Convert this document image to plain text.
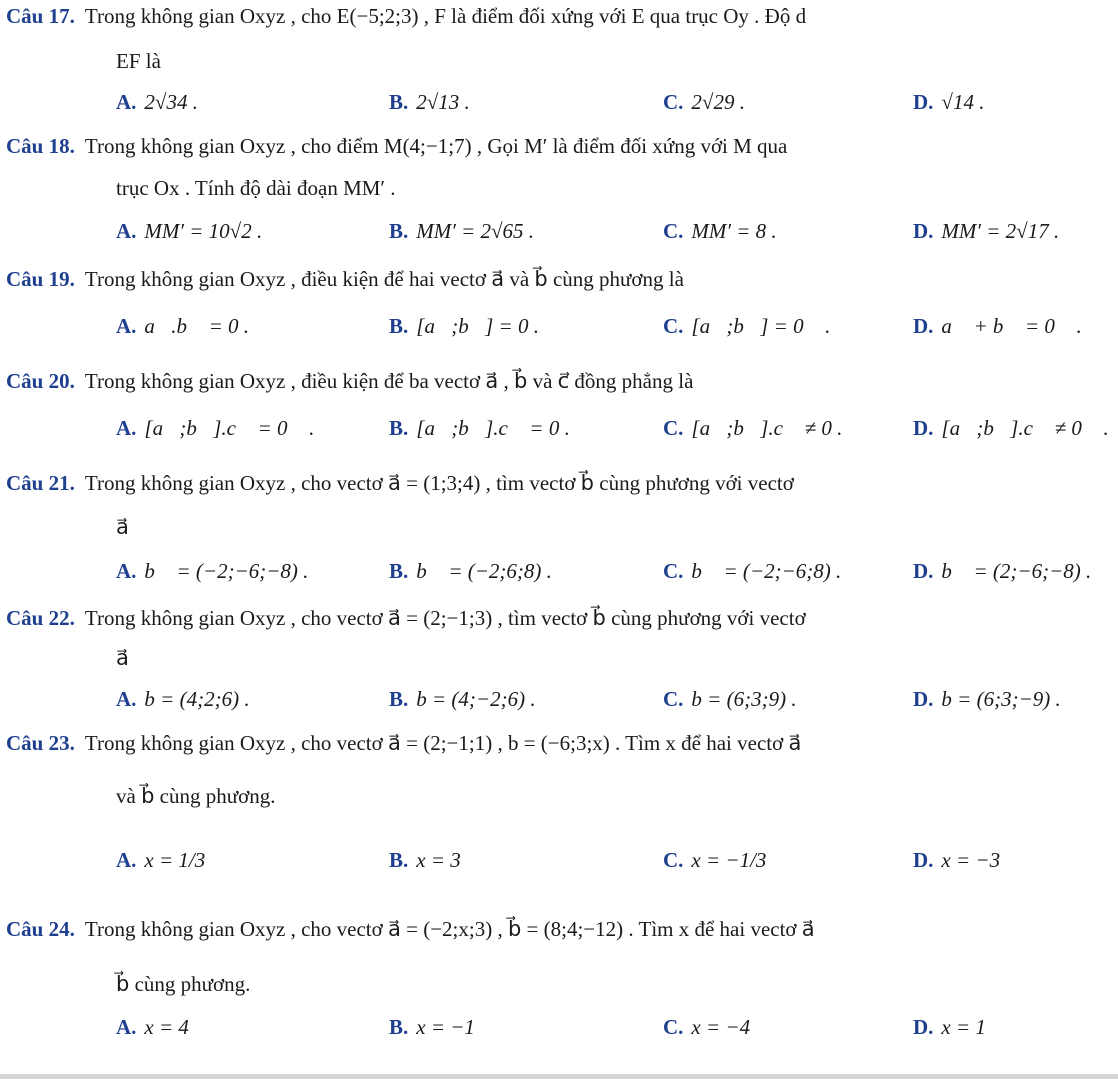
Câu 17. Trong không gian Oxyz , cho E(−5;2;3) , F là điểm đối xứng với E qua trục Oy . Độ d
EF là
A. 2√34 .	B. 2√13 .	C. 2√29 .	D. √14 .
Câu 18. Trong không gian Oxyz , cho điểm M(4;−1;7) , Gọi M′ là điểm đối xứng với M qua
trục Ox . Tính độ dài đoạn MM′ .
A. MM′ = 10√2 .	B. MM′ = 2√65 .	C. MM′ = 8 .	D. MM′ = 2√17 .
Câu 19. Trong không gian Oxyz , điều kiện để hai vectơ a⃗ và b⃗ cùng phương là
A. a⃗.b⃗ = 0 .	B. [a⃗;b⃗] = 0 .	C. [a⃗;b⃗] = 0⃗ .	D. a⃗ + b⃗ = 0⃗ .
Câu 20. Trong không gian Oxyz , điều kiện để ba vectơ a⃗ , b⃗ và c⃗ đồng phẳng là
A. [a⃗;b⃗].c⃗ = 0⃗ .	B. [a⃗;b⃗].c⃗ = 0 .	C. [a⃗;b⃗].c⃗ ≠ 0 .	D. [a⃗;b⃗].c⃗ ≠ 0⃗ .
Câu 21. Trong không gian Oxyz , cho vectơ a⃗ = (1;3;4) , tìm vectơ b⃗ cùng phương với vectơ
a⃗
A. b⃗ = (−2;−6;−8) .	B. b⃗ = (−2;6;8) .	C. b⃗ = (−2;−6;8) .	D. b⃗ = (2;−6;−8) .
Câu 22. Trong không gian Oxyz , cho vectơ a⃗ = (2;−1;3) , tìm vectơ b⃗ cùng phương với vectơ
a⃗
A. b = (4;2;6) .	B. b = (4;−2;6) .	C. b = (6;3;9) .	D. b = (6;3;−9) .
Câu 23. Trong không gian Oxyz , cho vectơ a⃗ = (2;−1;1) , b = (−6;3;x) . Tìm x để hai vectơ a⃗
và b⃗ cùng phương.
A. x = 1/3	B. x = 3	C. x = −1/3	D. x = −3
Câu 24. Trong không gian Oxyz , cho vectơ a⃗ = (−2;x;3) , b⃗ = (8;4;−12) . Tìm x để hai vectơ a⃗
b⃗ cùng phương.
A. x = 4	B. x = −1	C. x = −4	D. x = 1
